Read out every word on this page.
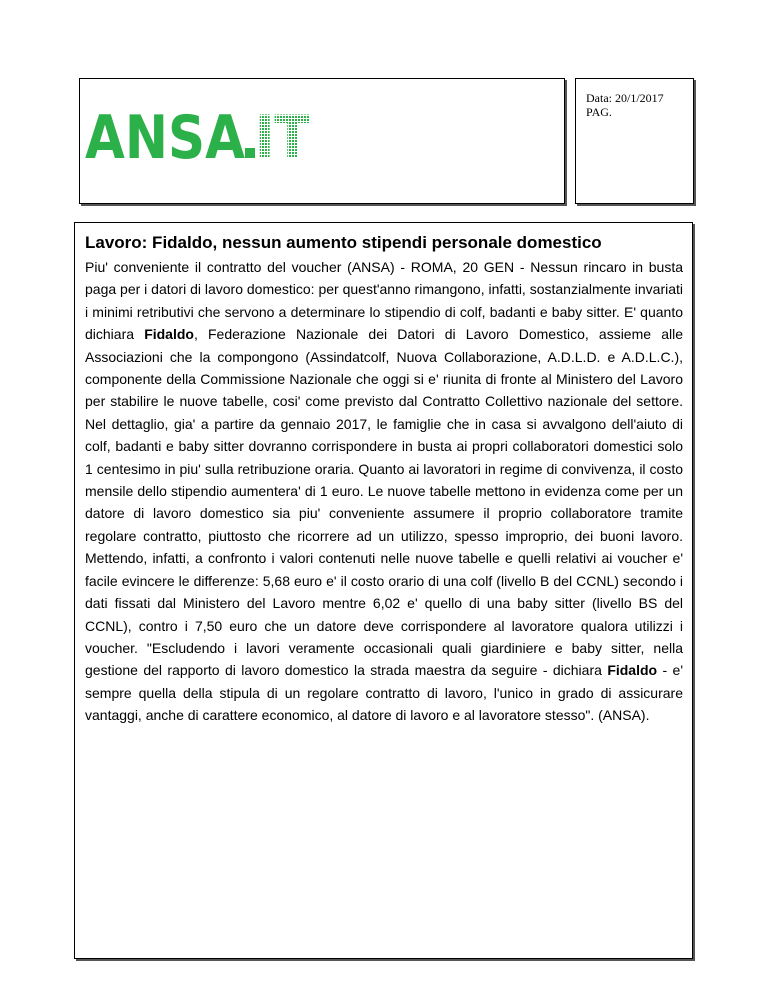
ANSA IT
Data: 20/1/2017
PAG.
Lavoro: Fidaldo, nessun aumento stipendi personale domestico
Piu' conveniente il contratto del voucher (ANSA) - ROMA, 20 GEN - Nessun rincaro in busta paga per i datori di lavoro domestico: per quest'anno rimangono, infatti, sostanzialmente invariati i minimi retributivi che servono a determinare lo stipendio di colf, badanti e baby sitter. E' quanto dichiara Fidaldo, Federazione Nazionale dei Datori di Lavoro Domestico, assieme alle Associazioni che la compongono (Assindatcolf, Nuova Collaborazione, A.D.L.D. e A.D.L.C.), componente della Commissione Nazionale che oggi si e' riunita di fronte al Ministero del Lavoro per stabilire le nuove tabelle, cosi' come previsto dal Contratto Collettivo nazionale del settore. Nel dettaglio, gia' a partire da gennaio 2017, le famiglie che in casa si avvalgono dell'aiuto di colf, badanti e baby sitter dovranno corrispondere in busta ai propri collaboratori domestici solo 1 centesimo in piu' sulla retribuzione oraria. Quanto ai lavoratori in regime di convivenza, il costo mensile dello stipendio aumentera' di 1 euro. Le nuove tabelle mettono in evidenza come per un datore di lavoro domestico sia piu' conveniente assumere il proprio collaboratore tramite regolare contratto, piuttosto che ricorrere ad un utilizzo, spesso improprio, dei buoni lavoro. Mettendo, infatti, a confronto i valori contenuti nelle nuove tabelle e quelli relativi ai voucher e' facile evincere le differenze: 5,68 euro e' il costo orario di una colf (livello B del CCNL) secondo i dati fissati dal Ministero del Lavoro mentre 6,02 e' quello di una baby sitter (livello BS del CCNL), contro i 7,50 euro che un datore deve corrispondere al lavoratore qualora utilizzi i voucher. "Escludendo i lavori veramente occasionali quali giardiniere e baby sitter, nella gestione del rapporto di lavoro domestico la strada maestra da seguire - dichiara Fidaldo - e' sempre quella della stipula di un regolare contratto di lavoro, l'unico in grado di assicurare vantaggi, anche di carattere economico, al datore di lavoro e al lavoratore stesso". (ANSA).
